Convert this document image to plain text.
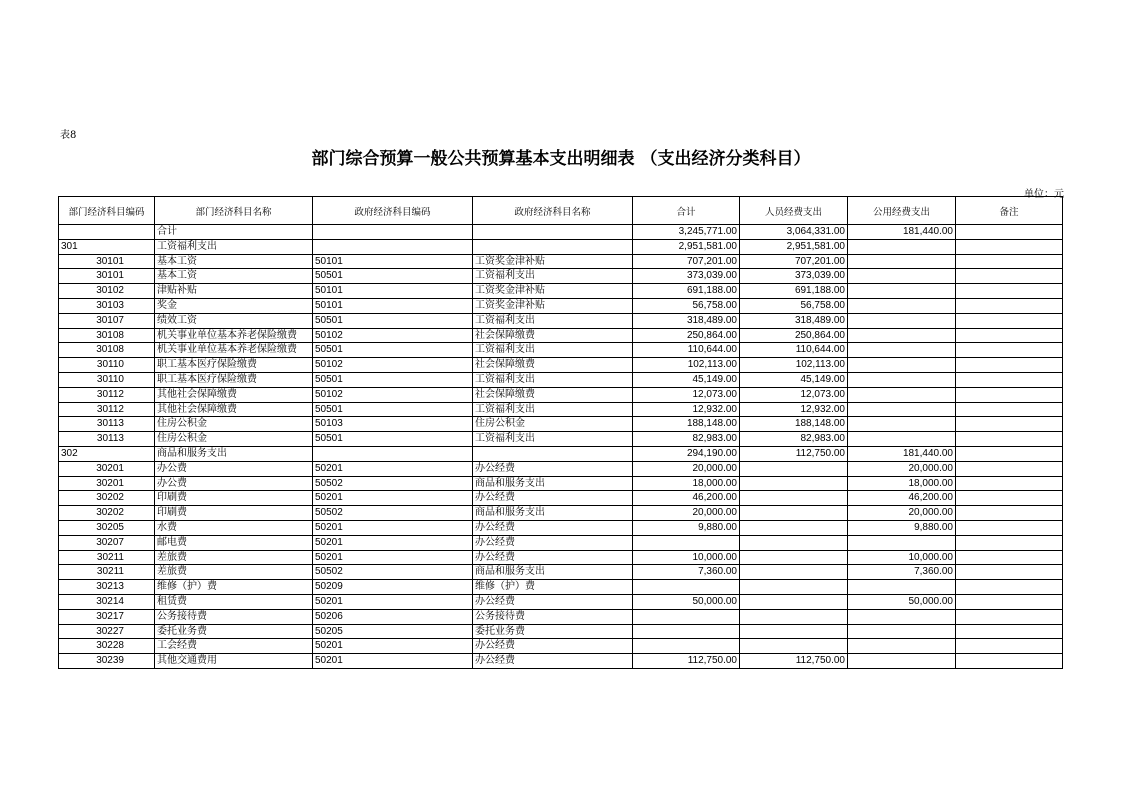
表8
部门综合预算一般公共预算基本支出明细表 （支出经济分类科目）
单位：元
部门经济科目编码	部门经济科目名称	政府经济科目编码	政府经济科目名称	合计	人员经费支出	公用经费支出	备注
	合计			3,245,771.00	3,064,331.00	181,440.00	
301	工资福利支出			2,951,581.00	2,951,581.00		
30101	基本工资	50101	工资奖金津补贴	707,201.00	707,201.00		
30101	基本工资	50501	工资福利支出	373,039.00	373,039.00		
30102	津贴补贴	50101	工资奖金津补贴	691,188.00	691,188.00		
30103	奖金	50101	工资奖金津补贴	56,758.00	56,758.00		
30107	绩效工资	50501	工资福利支出	318,489.00	318,489.00		
30108	机关事业单位基本养老保险缴费	50102	社会保障缴费	250,864.00	250,864.00		
30108	机关事业单位基本养老保险缴费	50501	工资福利支出	110,644.00	110,644.00		
30110	职工基本医疗保险缴费	50102	社会保障缴费	102,113.00	102,113.00		
30110	职工基本医疗保险缴费	50501	工资福利支出	45,149.00	45,149.00		
30112	其他社会保障缴费	50102	社会保障缴费	12,073.00	12,073.00		
30112	其他社会保障缴费	50501	工资福利支出	12,932.00	12,932.00		
30113	住房公积金	50103	住房公积金	188,148.00	188,148.00		
30113	住房公积金	50501	工资福利支出	82,983.00	82,983.00		
302	商品和服务支出			294,190.00	112,750.00	181,440.00	
30201	办公费	50201	办公经费	20,000.00		20,000.00	
30201	办公费	50502	商品和服务支出	18,000.00		18,000.00	
30202	印刷费	50201	办公经费	46,200.00		46,200.00	
30202	印刷费	50502	商品和服务支出	20,000.00		20,000.00	
30205	水费	50201	办公经费	9,880.00		9,880.00	
30207	邮电费	50201	办公经费				
30211	差旅费	50201	办公经费	10,000.00		10,000.00	
30211	差旅费	50502	商品和服务支出	7,360.00		7,360.00	
30213	维修（护）费	50209	维修（护）费				
30214	租赁费	50201	办公经费	50,000.00		50,000.00	
30217	公务接待费	50206	公务接待费				
30227	委托业务费	50205	委托业务费				
30228	工会经费	50201	办公经费				
30239	其他交通费用	50201	办公经费	112,750.00	112,750.00		
